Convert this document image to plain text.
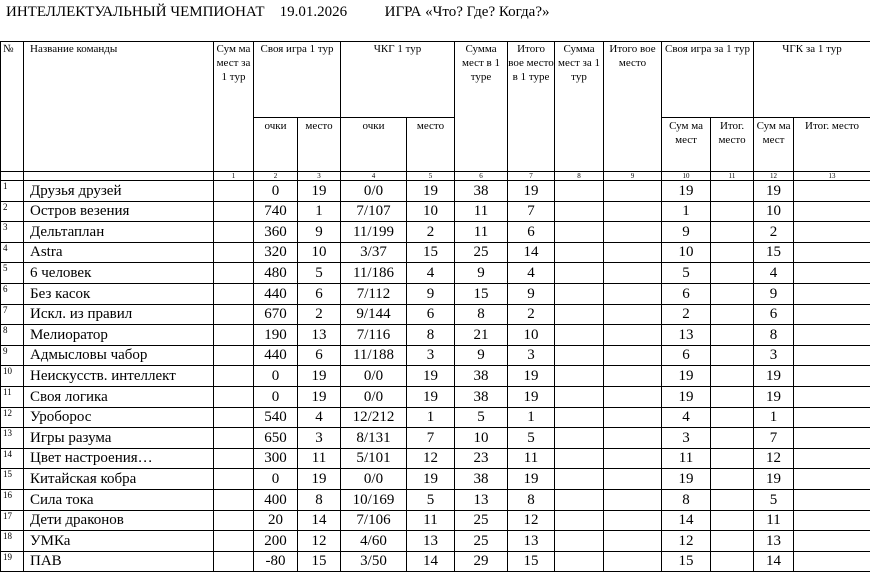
ИНТЕЛЛЕКТУАЛЬНЫЙ ЧЕМПИОНАТ 19.01.2026	ИГРА «Что? Где? Когда?»
№	Название команды	Сум ма мест за 1 тур	Своя игра 1 тур		ЧКГ 1 тур		Сумма мест в 1 туре	Итого вое место в 1 туре	Сумма мест за 1 тур	Итого вое место	Своя игра за 1 тур		ЧГК за 1 тур	
			очки	место	очки	место					Сум ма мест	Итог. место	Сум ма мест	Итог. место
		1	2	3	4	5	6	7	8	9	10	11	12	13
1	Друзья друзей		0	19	0/0	19	38	19			19		19	
2	Остров везения		740	1	7/107	10	11	7			1		10	
3	Дельтаплан		360	9	11/199	2	11	6			9		2	
4	Astra		320	10	3/37	15	25	14			10		15	
5	6 человек		480	5	11/186	4	9	4			5		4	
6	Без касок		440	6	7/112	9	15	9			6		9	
7	Искл. из правил		670	2	9/144	6	8	2			2		6	
8	Мелиоратор		190	13	7/116	8	21	10			13		8	
9	Адмысловы чабор		440	6	11/188	3	9	3			6		3	
10	Неискусств. интеллект		0	19	0/0	19	38	19			19		19	
11	Своя логика		0	19	0/0	19	38	19			19		19	
12	Уроборос		540	4	12/212	1	5	1			4		1	
13	Игры разума		650	3	8/131	7	10	5			3		7	
14	Цвет настроения…		300	11	5/101	12	23	11			11		12	
15	Китайская кобра		0	19	0/0	19	38	19			19		19	
16	Сила тока		400	8	10/169	5	13	8			8		5	
17	Дети драконов		20	14	7/106	11	25	12			14		11	
18	УМКа		200	12	4/60	13	25	13			12		13	
19	ПАВ		-80	15	3/50	14	29	15			15		14	
